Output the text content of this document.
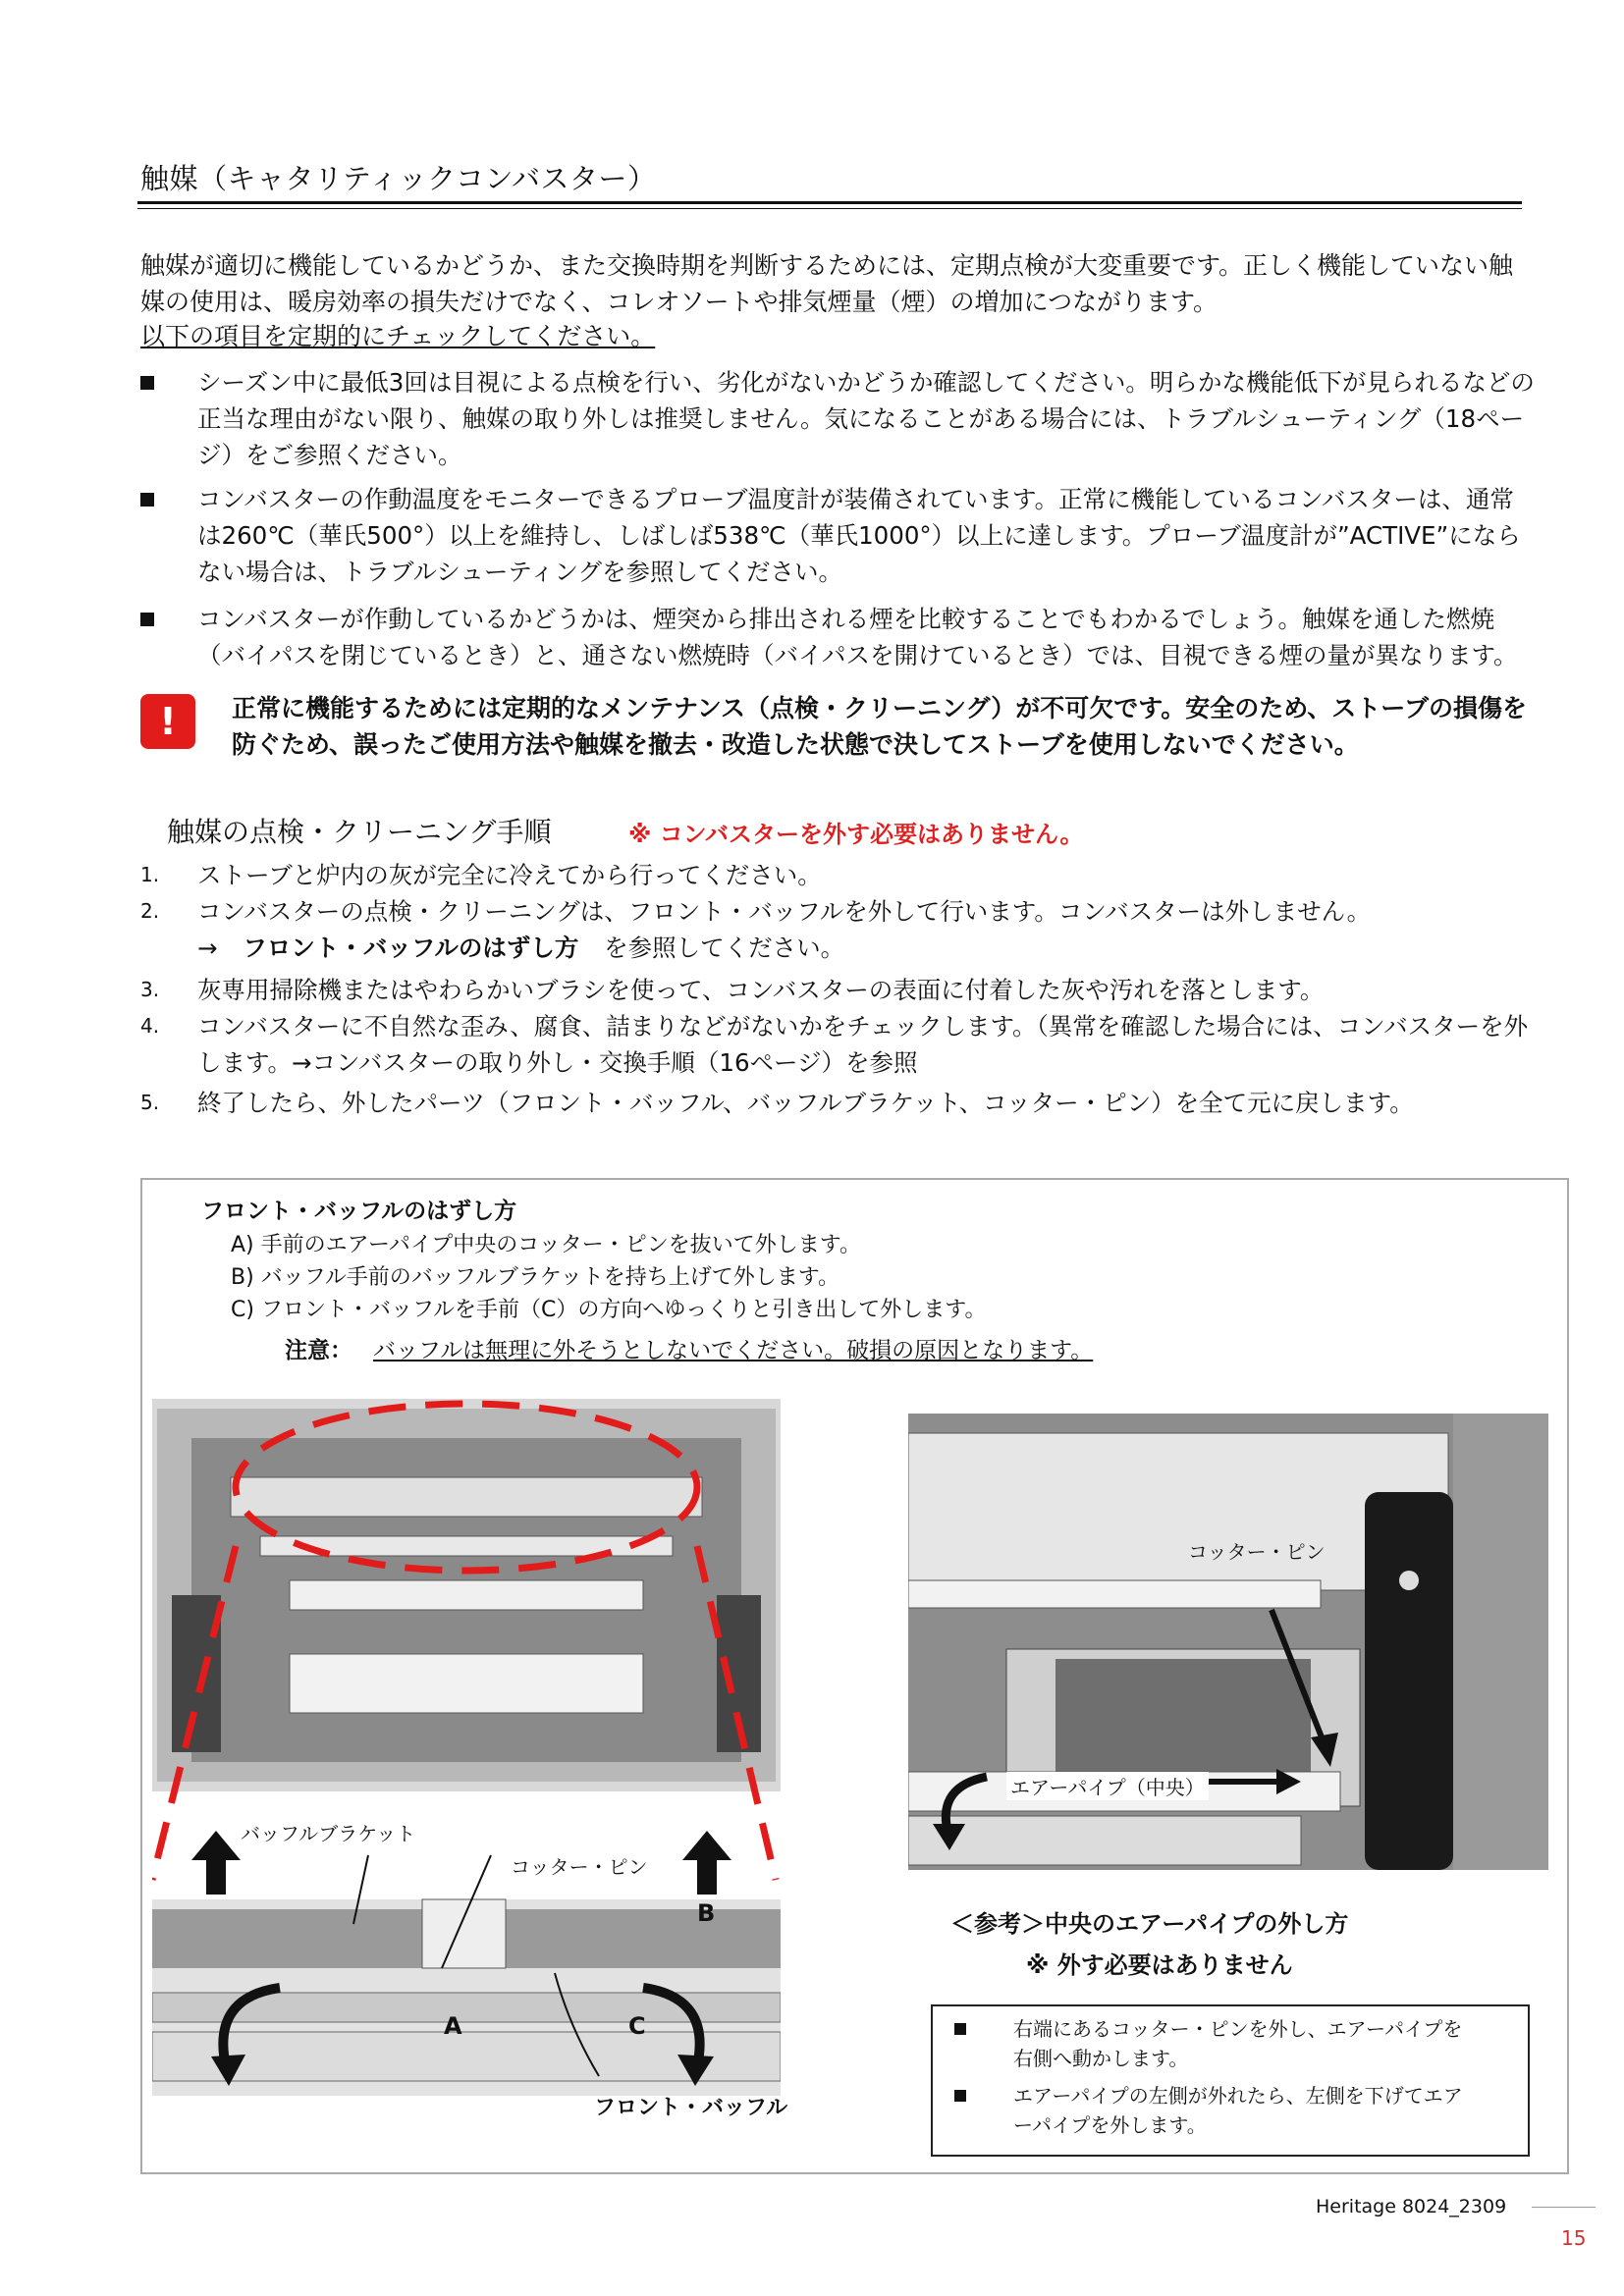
触媒（キャタリティックコンバスター）
触媒が適切に機能しているかどうか、また交換時期を判断するためには、定期点検が大変重要です。正しく機能していない触媒の使用は、暖房効率の損失だけでなく、コレオソートや排気煙量（煙）の増加につながります。
以下の項目を定期的にチェックしてください。
シーズン中に最低3回は目視による点検を行い、劣化がないかどうか確認してください。明らかな機能低下が見られるなどの正当な理由がない限り、触媒の取り外しは推奨しません。気になることがある場合には、トラブルシューティング（18ページ）をご参照ください。
コンバスターの作動温度をモニターできるプローブ温度計が装備されています。正常に機能しているコンバスターは、通常は260℃（華氏500°）以上を維持し、しばしば538℃（華氏1000°）以上に達します。プローブ温度計が”ACTIVE”にならない場合は、トラブルシューティングを参照してください。
コンバスターが作動しているかどうかは、煙突から排出される煙を比較することでもわかるでしょう。触媒を通した燃焼（バイパスを閉じているとき）と、通さない燃焼時（バイパスを開けているとき）では、目視できる煙の量が異なります。
!	正常に機能するためには定期的なメンテナンス（点検・クリーニング）が不可欠です。安全のため、ストーブの損傷を防ぐため、誤ったご使用方法や触媒を撤去・改造した状態で決してストーブを使用しないでください。
触媒の点検・クリーニング手順	※ コンバスターを外す必要はありません。
1. ストーブと炉内の灰が完全に冷えてから行ってください。
2. コンバスターの点検・クリーニングは、フロント・バッフルを外して行います。コンバスターは外しません。
→ フロント・バッフルのはずし方 を参照してください。
3. 灰専用掃除機またはやわらかいブラシを使って、コンバスターの表面に付着した灰や汚れを落とします。
4. コンバスターに不自然な歪み、腐食、詰まりなどがないかをチェックします。（異常を確認した場合には、コンバスターを外します。→コンバスターの取り外し・交換手順（16ページ）を参照
5. 終了したら、外したパーツ（フロント・バッフル、バッフルブラケット、コッター・ピン）を全て元に戻します。
フロント・バッフルのはずし方
A) 手前のエアーパイプ中央のコッター・ピンを抜いて外します。
B) バッフル手前のバッフルブラケットを持ち上げて外します。
C) フロント・バッフルを手前（C）の方向へゆっくりと引き出して外します。
注意： バッフルは無理に外そうとしないでください。破損の原因となります。
バッフルブラケット
コッター・ピン
A
B
C
フロント・バッフル
コッター・ピン
エアーパイプ（中央）
＜参考＞中央のエアーパイプの外し方
※ 外す必要はありません
右端にあるコッター・ピンを外し、エアーパイプを右側へ動かします。
エアーパイプの左側が外れたら、左側を下げてエアーパイプを外します。
Heritage 8024_2309
15
